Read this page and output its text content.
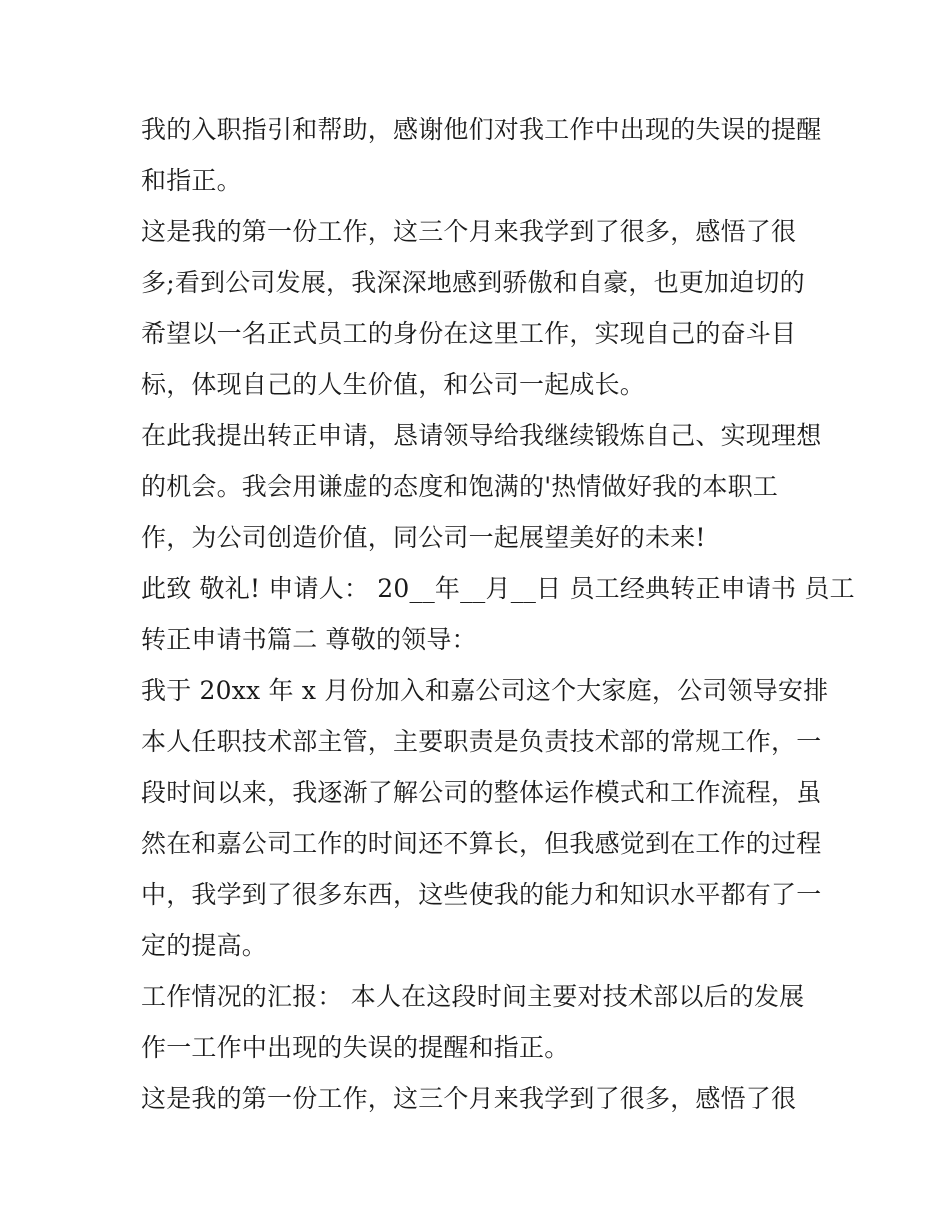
我的入职指引和帮助，感谢他们对我工作中出现的失误的提醒
和指正。
这是我的第一份工作，这三个月来我学到了很多，感悟了很
多;看到公司发展，我深深地感到骄傲和自豪，也更加迫切的
希望以一名正式员工的身份在这里工作，实现自己的奋斗目
标，体现自己的人生价值，和公司一起成长。
在此我提出转正申请，恳请领导给我继续锻炼自己、实现理想
的机会。我会用谦虚的态度和饱满的'热情做好我的本职工
作，为公司创造价值，同公司一起展望美好的未来!
此致 敬礼! 申请人： 20__年__月__日 员工经典转正申请书 员工
转正申请书篇二 尊敬的领导：
我于 20xx 年 x 月份加入和嘉公司这个大家庭，公司领导安排
本人任职技术部主管，主要职责是负责技术部的常规工作，一
段时间以来，我逐渐了解公司的整体运作模式和工作流程，虽
然在和嘉公司工作的时间还不算长，但我感觉到在工作的过程
中，我学到了很多东西，这些使我的能力和知识水平都有了一
定的提高。
工作情况的汇报： 本人在这段时间主要对技术部以后的发展
作一工作中出现的失误的提醒和指正。
这是我的第一份工作，这三个月来我学到了很多，感悟了很
